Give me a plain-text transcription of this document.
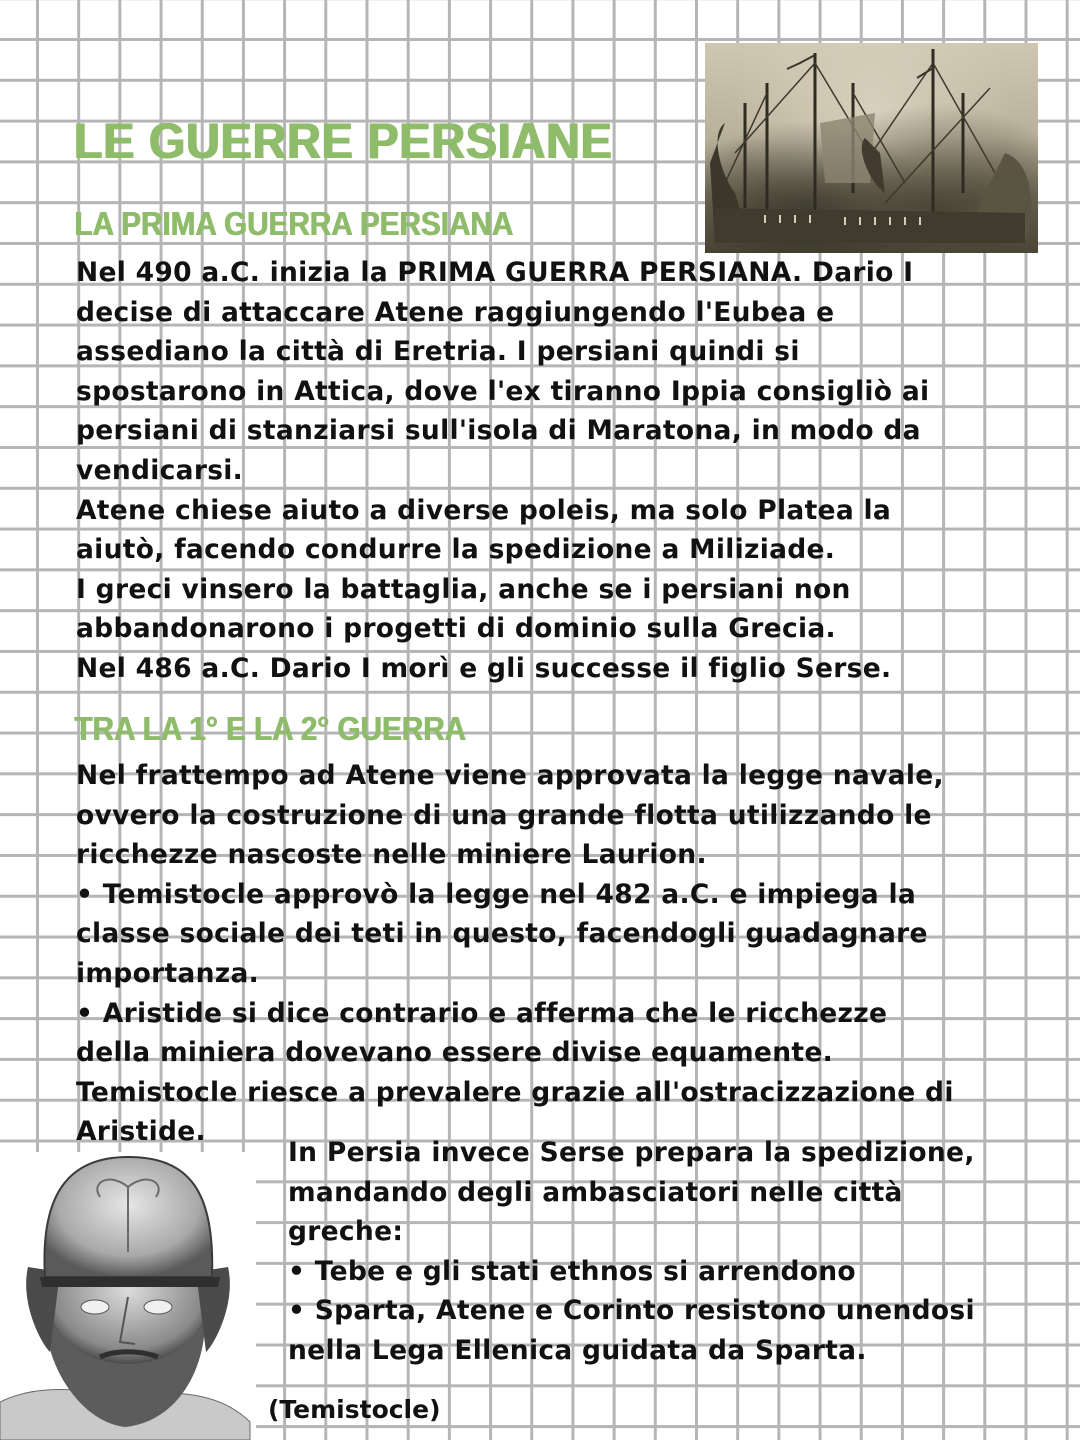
LE GUERRE PERSIANE
LA PRIMA GUERRA PERSIANA
Nel 490 a.C. inizia la PRIMA GUERRA PERSIANA. Dario I
decise di attaccare Atene raggiungendo l'Eubea e
assediano la città di Eretria. I persiani quindi si
spostarono in Attica, dove l'ex tiranno Ippia consigliò ai
persiani di stanziarsi sull'isola di Maratona, in modo da
vendicarsi.
Atene chiese aiuto a diverse poleis, ma solo Platea la
aiutò, facendo condurre la spedizione a Miliziade.
I greci vinsero la battaglia, anche se i persiani non
abbandonarono i progetti di dominio sulla Grecia.
Nel 486 a.C. Dario I morì e gli successe il figlio Serse.
TRA LA 1° E LA 2° GUERRA
Nel frattempo ad Atene viene approvata la legge navale,
ovvero la costruzione di una grande flotta utilizzando le
ricchezze nascoste nelle miniere Laurion.
• Temistocle approvò la legge nel 482 a.C. e impiega la
classe sociale dei teti in questo, facendogli guadagnare
importanza.
• Aristide si dice contrario e afferma che le ricchezze
della miniera dovevano essere divise equamente.
Temistocle riesce a prevalere grazie all'ostracizzazione di
Aristide.
In Persia invece Serse prepara la spedizione,
mandando degli ambasciatori nelle città
greche:
• Tebe e gli stati ethnos si arrendono
• Sparta, Atene e Corinto resistono unendosi
nella Lega Ellenica guidata da Sparta.
(Temistocle)
